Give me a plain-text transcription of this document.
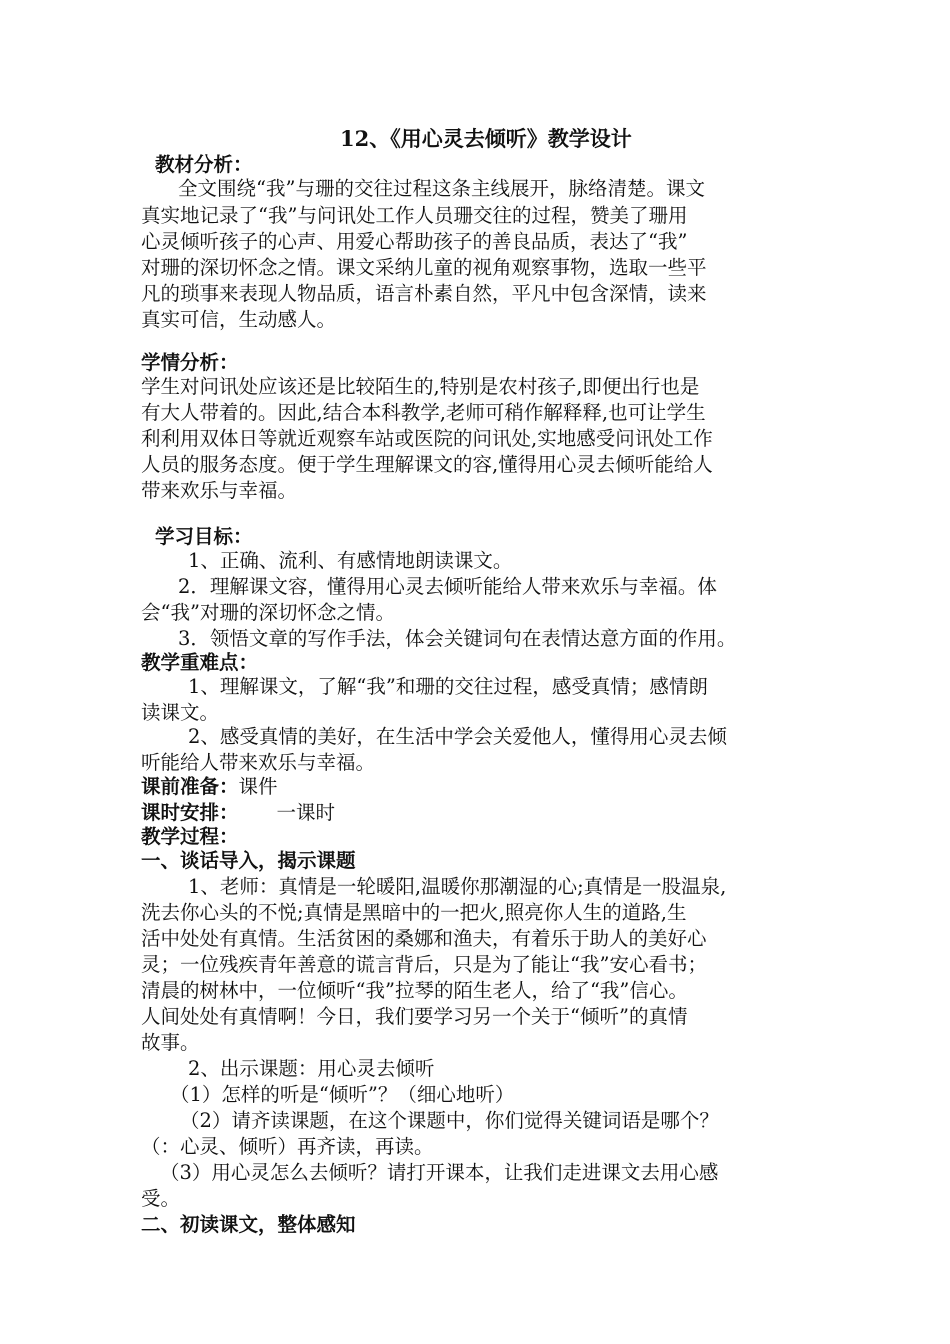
12、《用心灵去倾听》教学设计
教材分析：
全文围绕“我”与珊的交往过程这条主线展开，脉络清楚。课文
真实地记录了“我”与问讯处工作人员珊交往的过程，赞美了珊用
心灵倾听孩子的心声、用爱心帮助孩子的善良品质，表达了“我”
对珊的深切怀念之情。课文采纳儿童的视角观察事物，选取一些平
凡的琐事来表现人物品质，语言朴素自然，平凡中包含深情，读来
真实可信，生动感人。
学情分析：
学生对问讯处应该还是比较陌生的,特别是农村孩子,即便出行也是
有大人带着的。因此,结合本科教学,老师可稍作解释释,也可让学生
利利用双体日等就近观察车站或医院的问讯处,实地感受问讯处工作
人员的服务态度。便于学生理解课文的容,懂得用心灵去倾听能给人
带来欢乐与幸福。
学习目标：
1、正确、流利、有感情地朗读课文。
2．理解课文容，懂得用心灵去倾听能给人带来欢乐与幸福。体
会“我”对珊的深切怀念之情。
3．领悟文章的写作手法，体会关键词句在表情达意方面的作用。
教学重难点：
1、理解课文，了解“我”和珊的交往过程，感受真情；感情朗
读课文。
2、感受真情的美好，在生活中学会关爱他人，懂得用心灵去倾
听能给人带来欢乐与幸福。
课前准备：课件
课时安排： 一课时
教学过程：
一、谈话导入，揭示课题
1、老师：真情是一轮暖阳,温暖你那潮湿的心;真情是一股温泉,
洗去你心头的不悦;真情是黑暗中的一把火,照亮你人生的道路,生
活中处处有真情。生活贫困的桑娜和渔夫，有着乐于助人的美好心
灵；一位残疾青年善意的谎言背后，只是为了能让“我”安心看书；
清晨的树林中，一位倾听“我”拉琴的陌生老人，给了“我”信心。
人间处处有真情啊！今日，我们要学习另一个关于“倾听”的真情
故事。
2、出示课题：用心灵去倾听
（1）怎样的听是“倾听”？（细心地听）
（2）请齐读课题，在这个课题中，你们觉得关键词语是哪个？
（：心灵、倾听）再齐读，再读。
（3）用心灵怎么去倾听？请打开课本，让我们走进课文去用心感
受。
二、初读课文，整体感知
